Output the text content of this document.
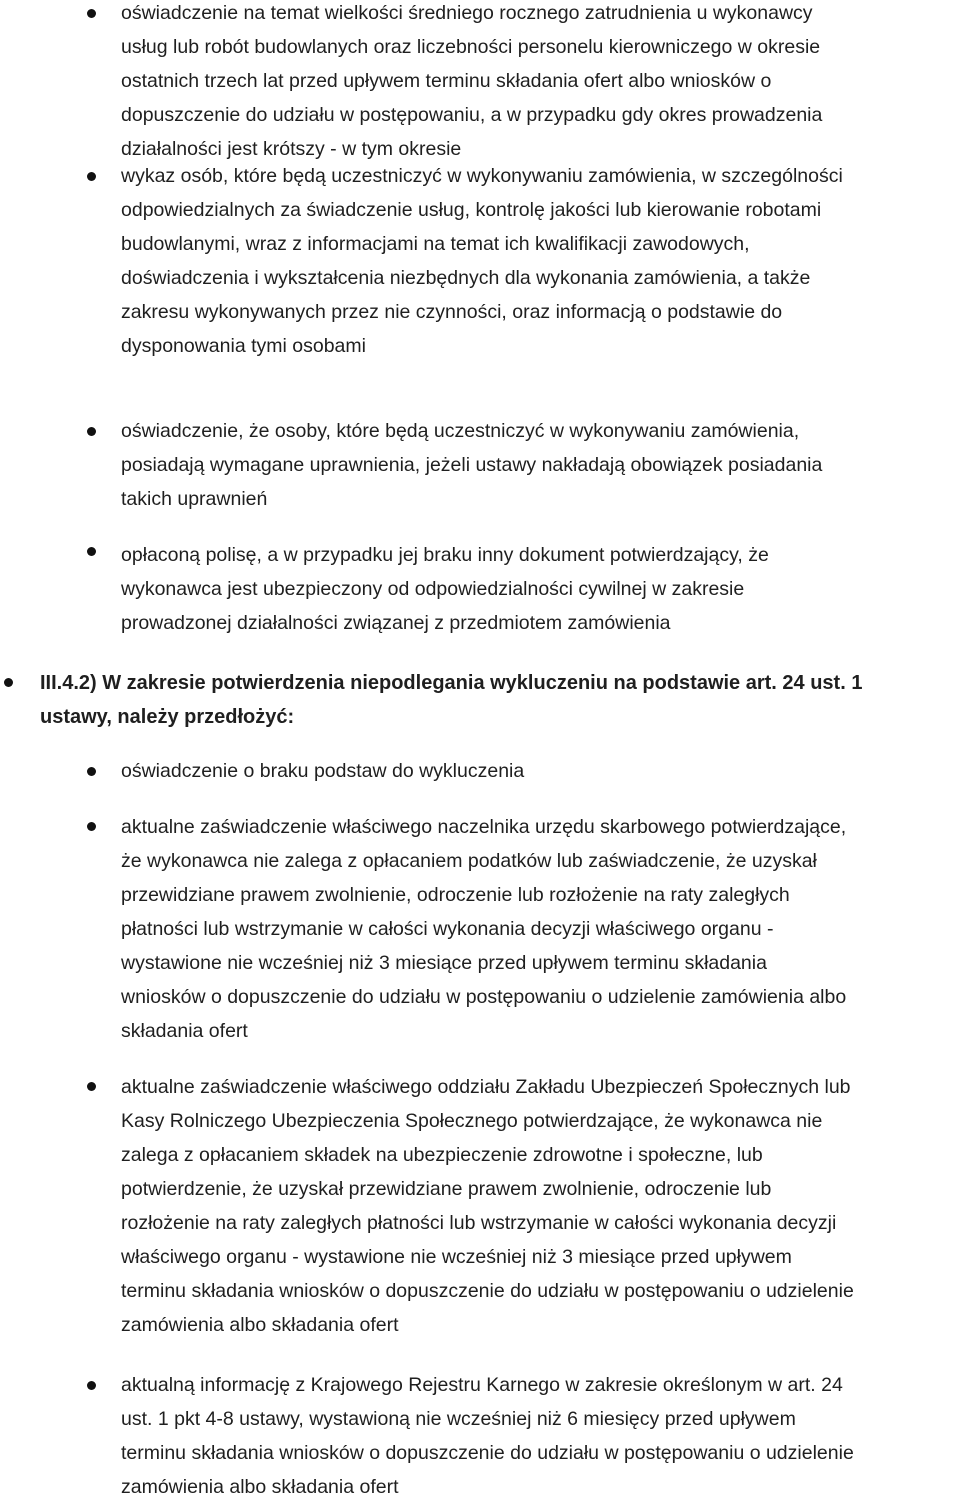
oświadczenie na temat wielkości średniego rocznego zatrudnienia u wykonawcy
usług lub robót budowlanych oraz liczebności personelu kierowniczego w okresie
ostatnich trzech lat przed upływem terminu składania ofert albo wniosków o
dopuszczenie do udziału w postępowaniu, a w przypadku gdy okres prowadzenia
działalności jest krótszy - w tym okresie
wykaz osób, które będą uczestniczyć w wykonywaniu zamówienia, w szczególności
odpowiedzialnych za świadczenie usług, kontrolę jakości lub kierowanie robotami
budowlanymi, wraz z informacjami na temat ich kwalifikacji zawodowych,
doświadczenia i wykształcenia niezbędnych dla wykonania zamówienia, a także
zakresu wykonywanych przez nie czynności, oraz informacją o podstawie do
dysponowania tymi osobami
oświadczenie, że osoby, które będą uczestniczyć w wykonywaniu zamówienia,
posiadają wymagane uprawnienia, jeżeli ustawy nakładają obowiązek posiadania
takich uprawnień
opłaconą polisę, a w przypadku jej braku inny dokument potwierdzający, że
wykonawca jest ubezpieczony od odpowiedzialności cywilnej w zakresie
prowadzonej działalności związanej z przedmiotem zamówienia
III.4.2) W zakresie potwierdzenia niepodlegania wykluczeniu na podstawie art. 24 ust. 1
ustawy, należy przedłożyć:
oświadczenie o braku podstaw do wykluczenia
aktualne zaświadczenie właściwego naczelnika urzędu skarbowego potwierdzające,
że wykonawca nie zalega z opłacaniem podatków lub zaświadczenie, że uzyskał
przewidziane prawem zwolnienie, odroczenie lub rozłożenie na raty zaległych
płatności lub wstrzymanie w całości wykonania decyzji właściwego organu -
wystawione nie wcześniej niż 3 miesiące przed upływem terminu składania
wniosków o dopuszczenie do udziału w postępowaniu o udzielenie zamówienia albo
składania ofert
aktualne zaświadczenie właściwego oddziału Zakładu Ubezpieczeń Społecznych lub
Kasy Rolniczego Ubezpieczenia Społecznego potwierdzające, że wykonawca nie
zalega z opłacaniem składek na ubezpieczenie zdrowotne i społeczne, lub
potwierdzenie, że uzyskał przewidziane prawem zwolnienie, odroczenie lub
rozłożenie na raty zaległych płatności lub wstrzymanie w całości wykonania decyzji
właściwego organu - wystawione nie wcześniej niż 3 miesiące przed upływem
terminu składania wniosków o dopuszczenie do udziału w postępowaniu o udzielenie
zamówienia albo składania ofert
aktualną informację z Krajowego Rejestru Karnego w zakresie określonym w art. 24
ust. 1 pkt 4-8 ustawy, wystawioną nie wcześniej niż 6 miesięcy przed upływem
terminu składania wniosków o dopuszczenie do udziału w postępowaniu o udzielenie
zamówienia albo składania ofert
